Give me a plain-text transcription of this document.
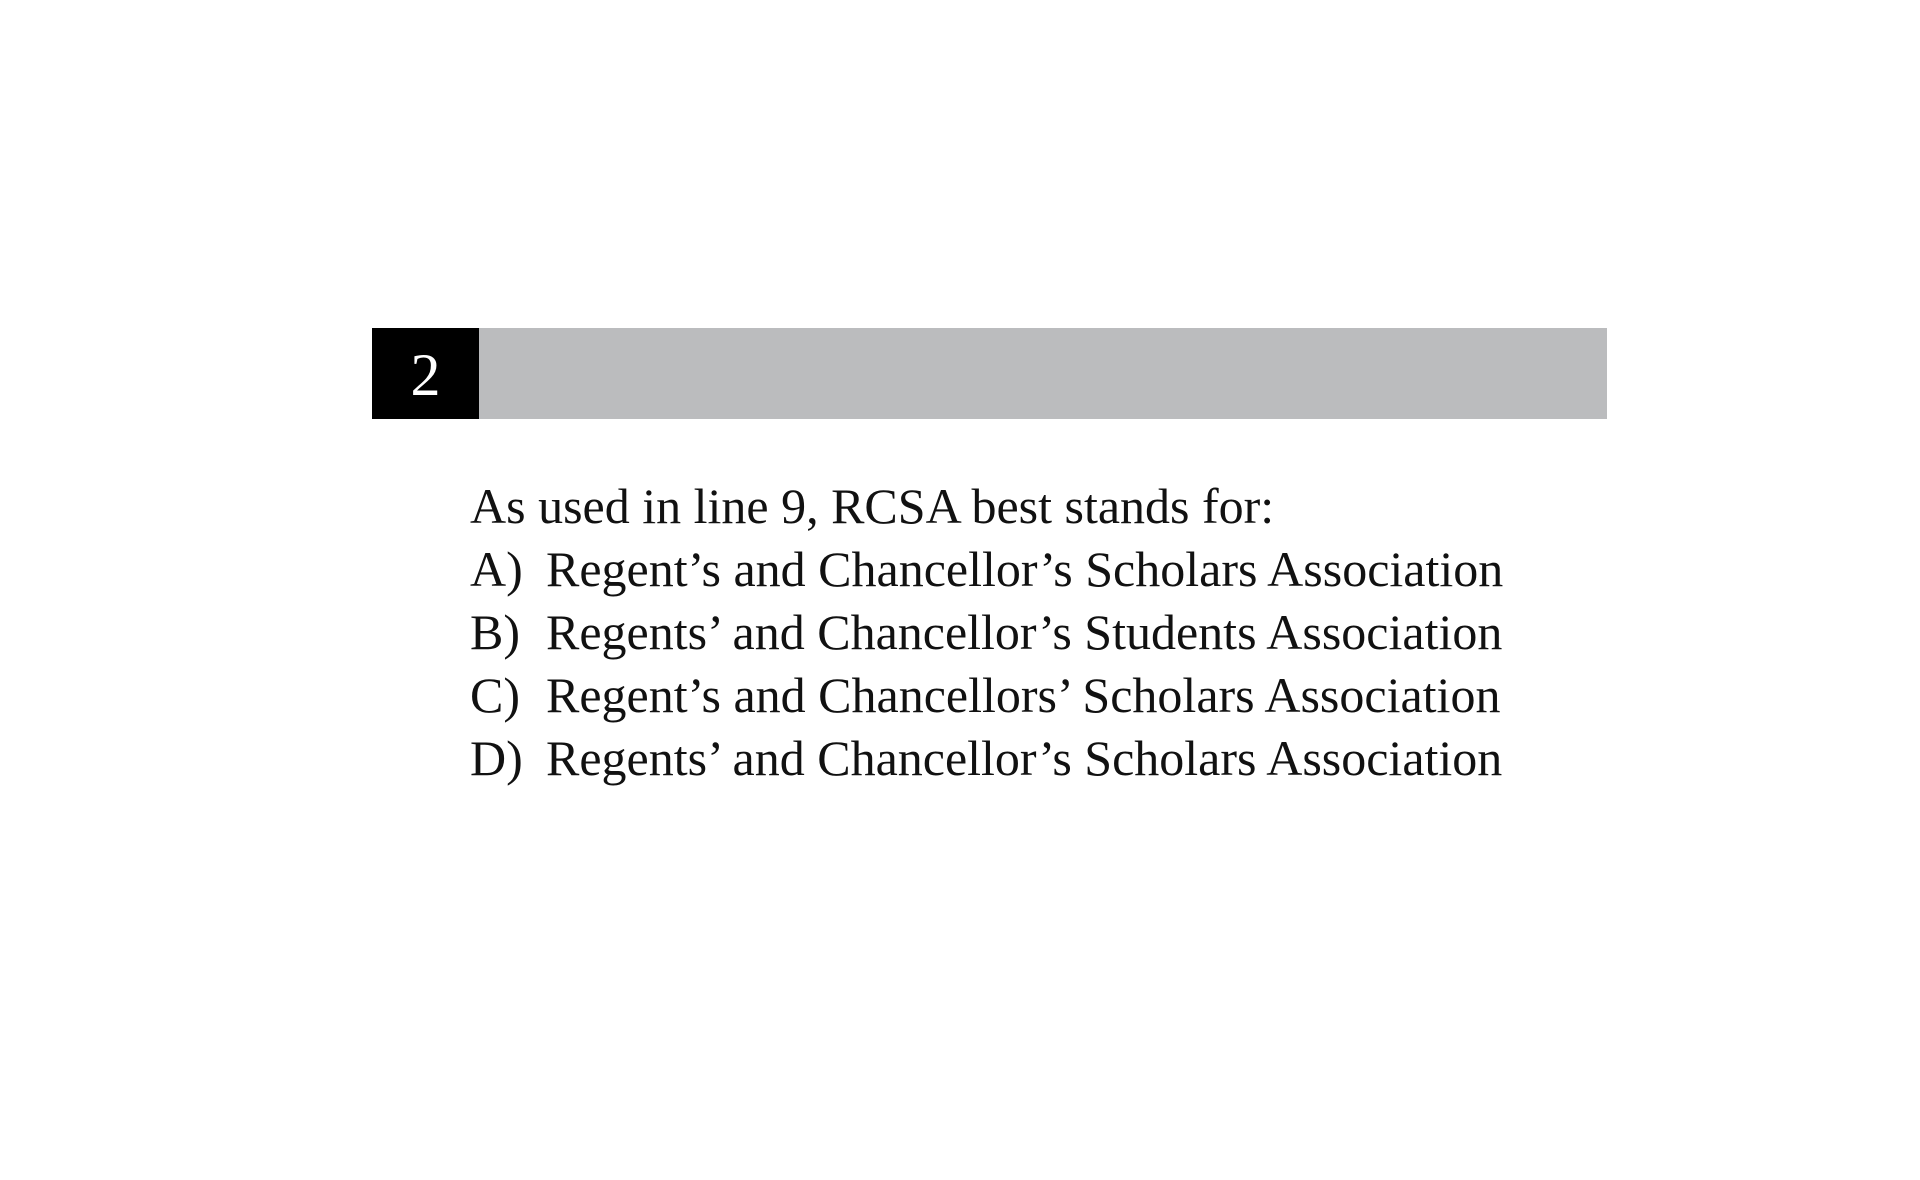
2

As used in line 9, RCSA best stands for:

A) Regent’s and Chancellor’s Scholars Association
B) Regents’ and Chancellor’s Students Association
C) Regent’s and Chancellors’ Scholars Association
D) Regents’ and Chancellor’s Scholars Association
